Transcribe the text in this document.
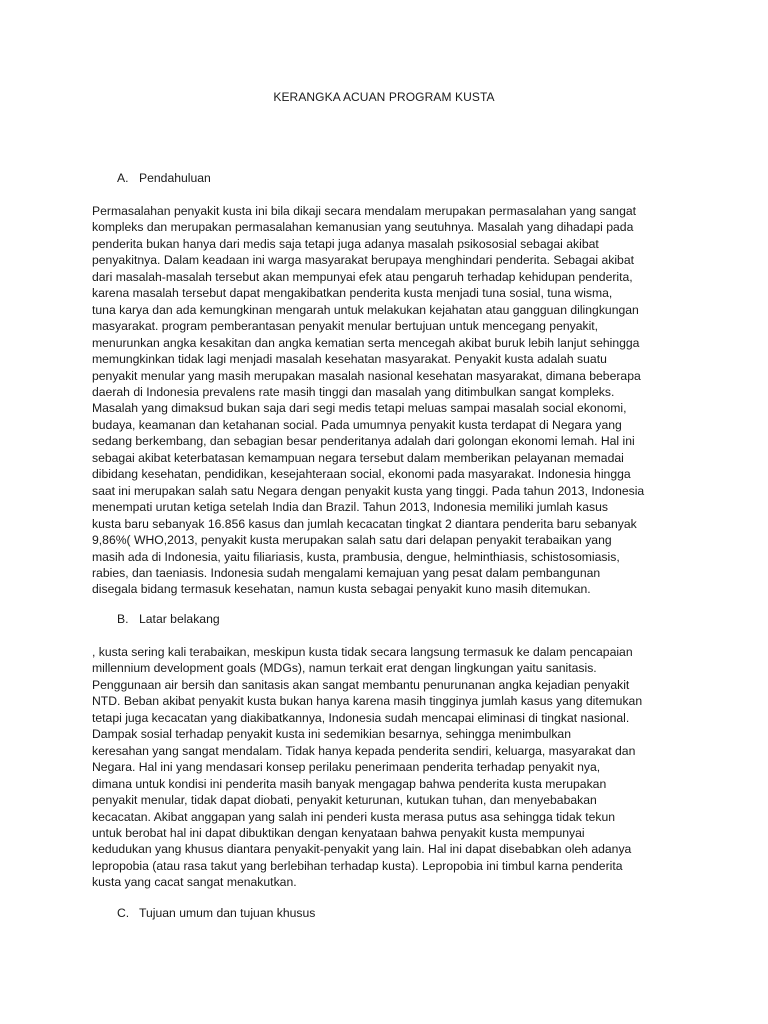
KERANGKA ACUAN PROGRAM KUSTA
A. Pendahuluan
Permasalahan penyakit kusta ini bila dikaji secara mendalam merupakan permasalahan yang sangat
kompleks dan merupakan permasalahan kemanusian yang seutuhnya. Masalah yang dihadapi pada
penderita bukan hanya dari medis saja tetapi juga adanya masalah psikososial sebagai akibat
penyakitnya. Dalam keadaan ini warga masyarakat berupaya menghindari penderita. Sebagai akibat
dari masalah-masalah tersebut akan mempunyai efek atau pengaruh terhadap kehidupan penderita,
karena masalah tersebut dapat mengakibatkan penderita kusta menjadi tuna sosial, tuna wisma,
tuna karya dan ada kemungkinan mengarah untuk melakukan kejahatan atau gangguan dilingkungan
masyarakat. program pemberantasan penyakit menular bertujuan untuk mencegang penyakit,
menurunkan angka kesakitan dan angka kematian serta mencegah akibat buruk lebih lanjut sehingga
memungkinkan tidak lagi menjadi masalah kesehatan masyarakat. Penyakit kusta adalah suatu
penyakit menular yang masih merupakan masalah nasional kesehatan masyarakat, dimana beberapa
daerah di Indonesia prevalens rate masih tinggi dan masalah yang ditimbulkan sangat kompleks.
Masalah yang dimaksud bukan saja dari segi medis tetapi meluas sampai masalah social ekonomi,
budaya, keamanan dan ketahanan social. Pada umumnya penyakit kusta terdapat di Negara yang
sedang berkembang, dan sebagian besar penderitanya adalah dari golongan ekonomi lemah. Hal ini
sebagai akibat keterbatasan kemampuan negara tersebut dalam memberikan pelayanan memadai
dibidang kesehatan, pendidikan, kesejahteraan social, ekonomi pada masyarakat. Indonesia hingga
saat ini merupakan salah satu Negara dengan penyakit kusta yang tinggi. Pada tahun 2013, Indonesia
menempati urutan ketiga setelah India dan Brazil. Tahun 2013, Indonesia memiliki jumlah kasus
kusta baru sebanyak 16.856 kasus dan jumlah kecacatan tingkat 2 diantara penderita baru sebanyak
9,86%( WHO,2013, penyakit kusta merupakan salah satu dari delapan penyakit terabaikan yang
masih ada di Indonesia, yaitu filiariasis, kusta, prambusia, dengue, helminthiasis, schistosomiasis,
rabies, dan taeniasis. Indonesia sudah mengalami kemajuan yang pesat dalam pembangunan
disegala bidang termasuk kesehatan, namun kusta sebagai penyakit kuno masih ditemukan.
B. Latar belakang
, kusta sering kali terabaikan, meskipun kusta tidak secara langsung termasuk ke dalam pencapaian
millennium development goals (MDGs), namun terkait erat dengan lingkungan yaitu sanitasis.
Penggunaan air bersih dan sanitasis akan sangat membantu penurunanan angka kejadian penyakit
NTD. Beban akibat penyakit kusta bukan hanya karena masih tingginya jumlah kasus yang ditemukan
tetapi juga kecacatan yang diakibatkannya, Indonesia sudah mencapai eliminasi di tingkat nasional.
Dampak sosial terhadap penyakit kusta ini sedemikian besarnya, sehingga menimbulkan
keresahan yang sangat mendalam. Tidak hanya kepada penderita sendiri, keluarga, masyarakat dan
Negara. Hal ini yang mendasari konsep perilaku penerimaan penderita terhadap penyakit nya,
dimana untuk kondisi ini penderita masih banyak mengagap bahwa penderita kusta merupakan
penyakit menular, tidak dapat diobati, penyakit keturunan, kutukan tuhan, dan menyebabakan
kecacatan. Akibat anggapan yang salah ini penderi kusta merasa putus asa sehingga tidak tekun
untuk berobat hal ini dapat dibuktikan dengan kenyataan bahwa penyakit kusta mempunyai
kedudukan yang khusus diantara penyakit-penyakit yang lain. Hal ini dapat disebabkan oleh adanya
lepropobia (atau rasa takut yang berlebihan terhadap kusta). Lepropobia ini timbul karna penderita
kusta yang cacat sangat menakutkan.
C. Tujuan umum dan tujuan khusus
